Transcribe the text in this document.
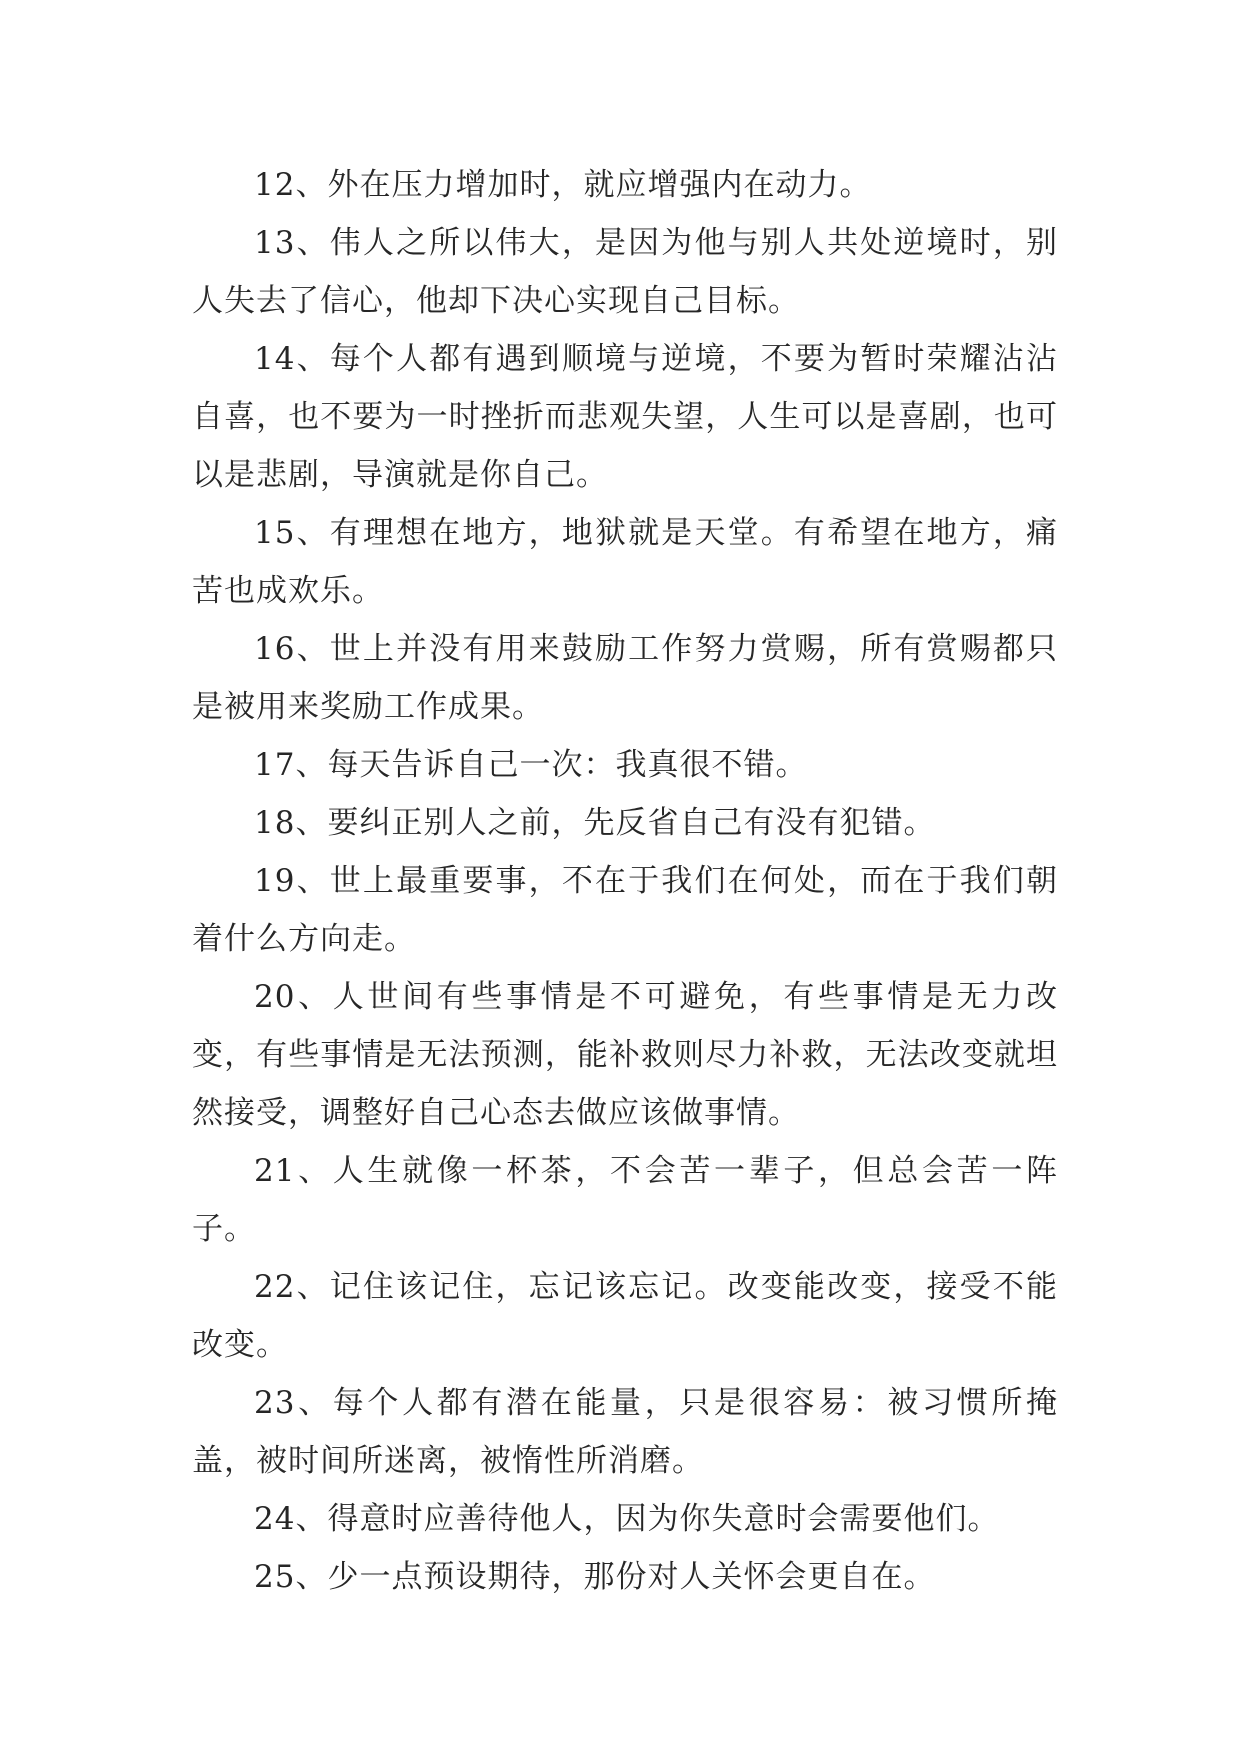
12、外在压力增加时，就应增强内在动力。

13、伟人之所以伟大，是因为他与别人共处逆境时，别人失去了信心，他却下决心实现自己目标。

14、每个人都有遇到顺境与逆境，不要为暂时荣耀沾沾自喜，也不要为一时挫折而悲观失望，人生可以是喜剧，也可以是悲剧，导演就是你自己。

15、有理想在地方，地狱就是天堂。有希望在地方，痛苦也成欢乐。

16、世上并没有用来鼓励工作努力赏赐，所有赏赐都只是被用来奖励工作成果。

17、每天告诉自己一次：我真很不错。

18、要纠正别人之前，先反省自己有没有犯错。

19、世上最重要事，不在于我们在何处，而在于我们朝着什么方向走。

20、人世间有些事情是不可避免，有些事情是无力改变，有些事情是无法预测，能补救则尽力补救，无法改变就坦然接受，调整好自己心态去做应该做事情。

21、人生就像一杯茶，不会苦一辈子，但总会苦一阵子。

22、记住该记住，忘记该忘记。改变能改变，接受不能改变。

23、每个人都有潜在能量，只是很容易：被习惯所掩盖，被时间所迷离，被惰性所消磨。

24、得意时应善待他人，因为你失意时会需要他们。

25、少一点预设期待，那份对人关怀会更自在。
